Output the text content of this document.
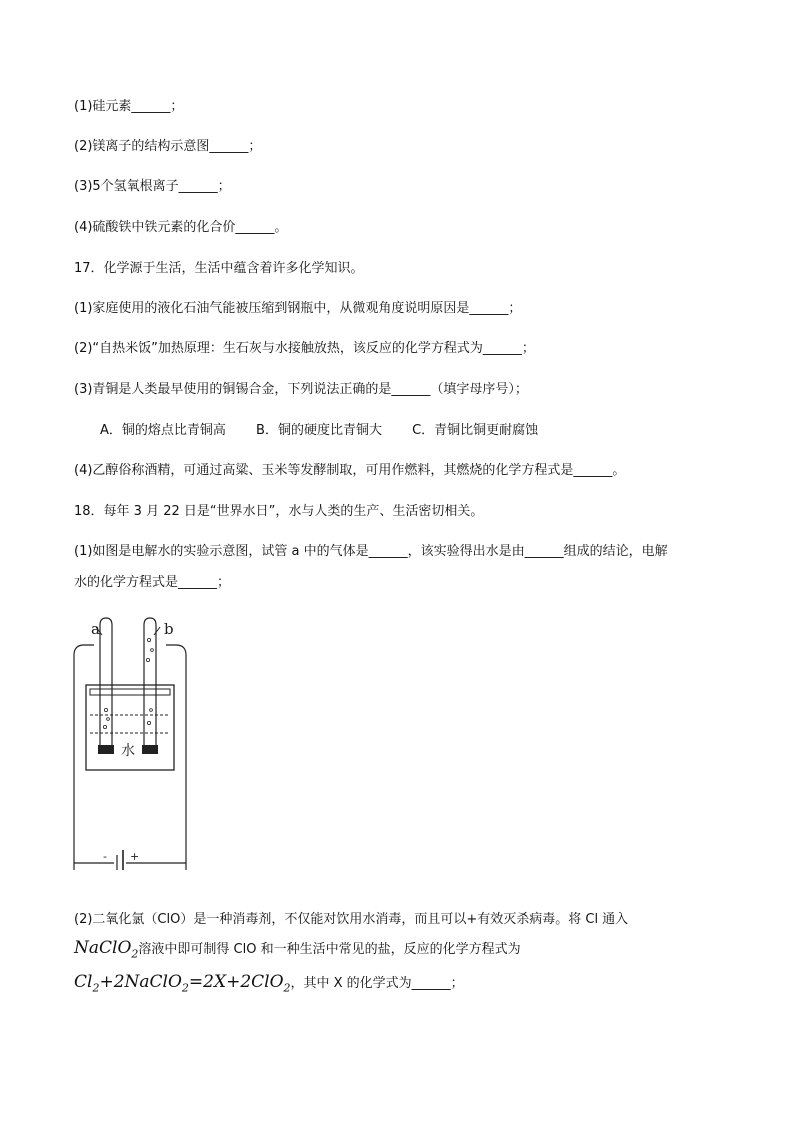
(1)硅元素______；
(2)镁离子的结构示意图______；
(3)5个氢氧根离子______；
(4)硫酸铁中铁元素的化合价______。
17．化学源于生活，生活中蕴含着许多化学知识。
(1)家庭使用的液化石油气能被压缩到钢瓶中，从微观角度说明原因是______；
(2)“自热米饭”加热原理：生石灰与水接触放热，该反应的化学方程式为______；
(3)青铜是人类最早使用的铜锡合金，下列说法正确的是______（填字母序号）；
A．铜的熔点比青铜高 B．铜的硬度比青铜大 C．青铜比铜更耐腐蚀
(4)乙醇俗称酒精，可通过高粱、玉米等发酵制取，可用作燃料，其燃烧的化学方程式是______。
18．每年 3 月 22 日是“世界水日”，水与人类的生产、生活密切相关。
(1)如图是电解水的实验示意图，试管 a 中的气体是______，该实验得出水是由______组成的结论，电解
水的化学方程式是______；
a	b
水
- +
(2)二氧化氯（ClO）是一种消毒剂，不仅能对饮用水消毒，而且可以+有效灭杀病毒。将 Cl 通入
NaClO$_2$溶液中即可制得 ClO 和一种生活中常见的盐，反应的化学方程式为
$Cl_2+2NaClO_2=2X+2ClO_2$，其中 X 的化学式为______；
